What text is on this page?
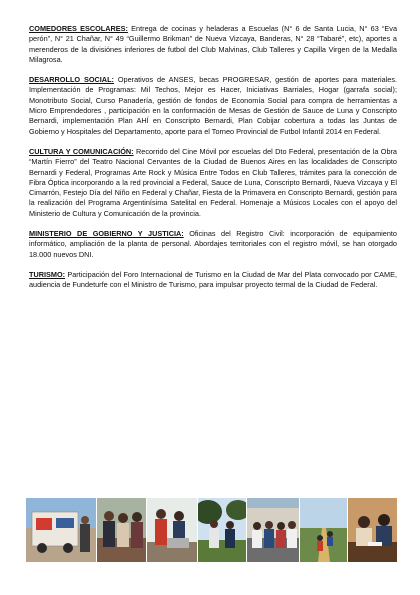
COMEDORES ESCOLARES: Entrega de cocinas y heladeras a Escuelas (N° 6 de Santa Lucia, N° 63 “Eva perón”, N° 21 Chañar, N° 49 “Guillermo Brikman” de Nueva Vizcaya, Banderas, N° 28 “Tabaré”, etc), aportes a merenderos de la divisiónes inferiores de futbol del Club Malvinas, Club Talleres y Capilla Virgen de la Medalla Milagrosa.

DESARROLLO SOCIAL: Operativos de ANSES, becas PROGRESAR, gestión de aportes para materiales. Implementación de Programas: Mil Techos, Mejor es Hacer, Iniciativas Barriales, Hogar (garrafa social); Monotributo Social, Curso Panadería, gestión de fondos de Economía Social para compra de herramientas a Micro Emprendedores , participación en la conformación de Mesas de Gestión de Sauce de Luna y Conscripto Bernardi, implementación Plan AHÍ en Conscripto Bernardi, Plan Cobijar cobertura a todas las Juntas de Gobierno y Hospitales del Departamento, aporte para el Torneo Provincial de Futbol Infantil 2014 en Federal.

CULTURA Y COMUNICACIÓN: Recorrido del Cine Móvil por escuelas del Dto Federal, presentación de la Obra “Martín Fierro” del Teatro Nacional Cervantes de la Ciudad de Buenos Aires en las localidades de Conscripto Bernardi y Federal, Programas Arte Rock y Música Entre Todos en Club Talleres, trámites para la conección de Fibra Óptica incorporando a la red provincial a Federal, Sauce de Luna, Conscripto Bernardi, Nueva Vizcaya y El Cimarrón, Festejo Día del Niño en Federal y Chañar, Fiesta de la Primavera en Conscripto Bernardi, gestión para la realización del Programa Argentinísima Satelital en Federal. Homenaje a Músicos Locales con el apoyo del Ministerio de Cultura y Comunicación de la provincia.

MINISTERIO DE GOBIERNO Y JUSTICIA: Oficinas del Registro Civil: incorporación de equipamiento informático, ampliación de la planta de personal. Abordajes territoriales con el registro móvil, se han otorgado 18.000 nuevos DNI.

TURISMO: Participación del Foro Internacional de Turismo en la Ciudad de Mar del Plata convocado por CAME, audiencia de Fundeturfe con el Ministro de Turismo, para impulsar proyecto termal de la Ciudad de Federal.
